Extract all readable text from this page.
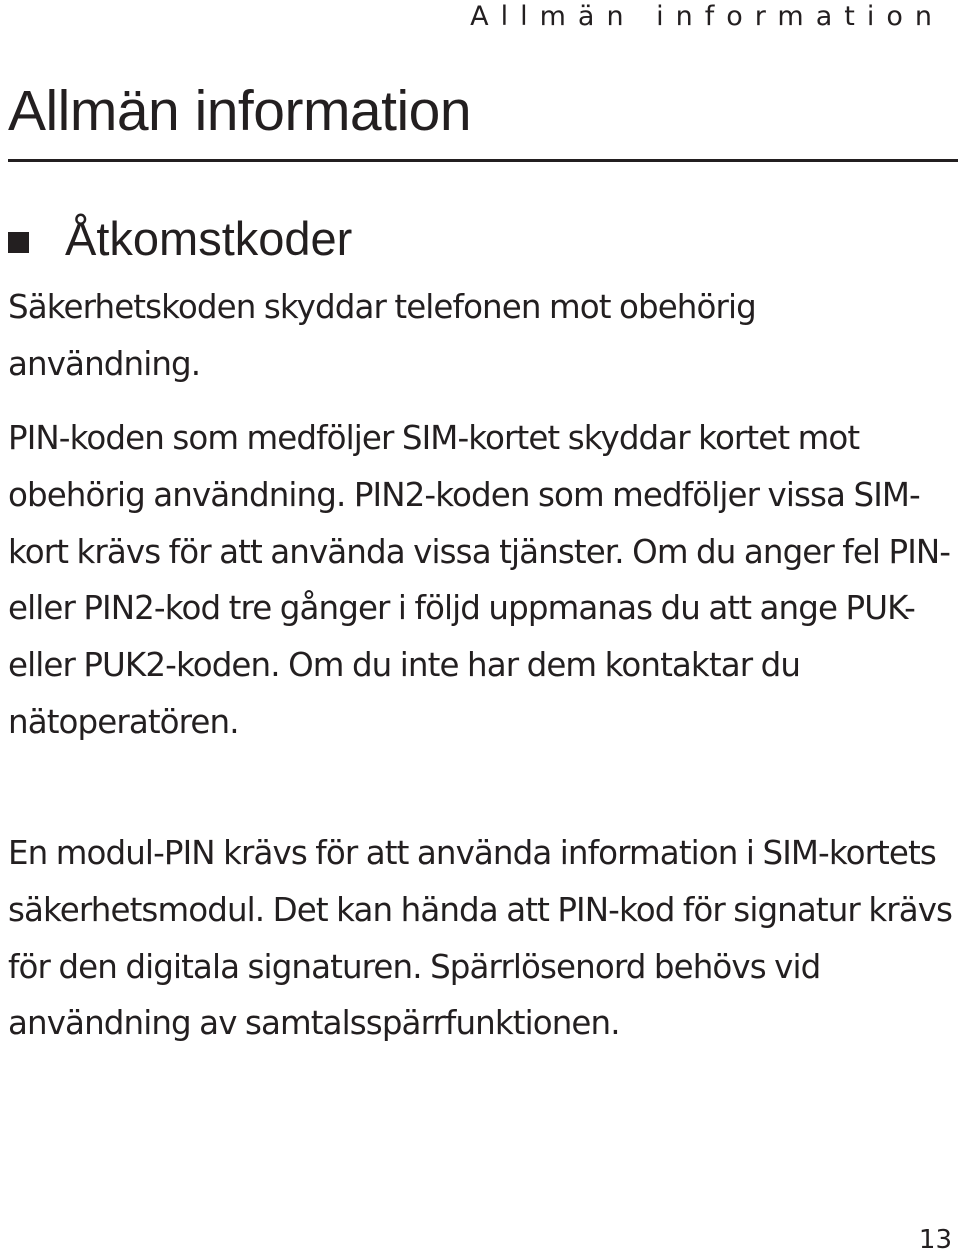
Allmän information
Allmän information
Åtkomstkoder

Säkerhetskoden skyddar telefonen mot obehörig användning.

PIN-koden som medföljer SIM-kortet skyddar kortet mot obehörig användning. PIN2-koden som medföljer vissa SIM-kort krävs för att använda vissa tjänster. Om du anger fel PIN- eller PIN2-kod tre gånger i följd uppmanas du att ange PUK- eller PUK2-koden. Om du inte har dem kontaktar du nätoperatören.

En modul-PIN krävs för att använda information i SIM-kortets säkerhetsmodul. Det kan hända att PIN-kod för signatur krävs för den digitala signaturen. Spärrlösenord behövs vid användning av samtalsspärrfunktionen.

13
